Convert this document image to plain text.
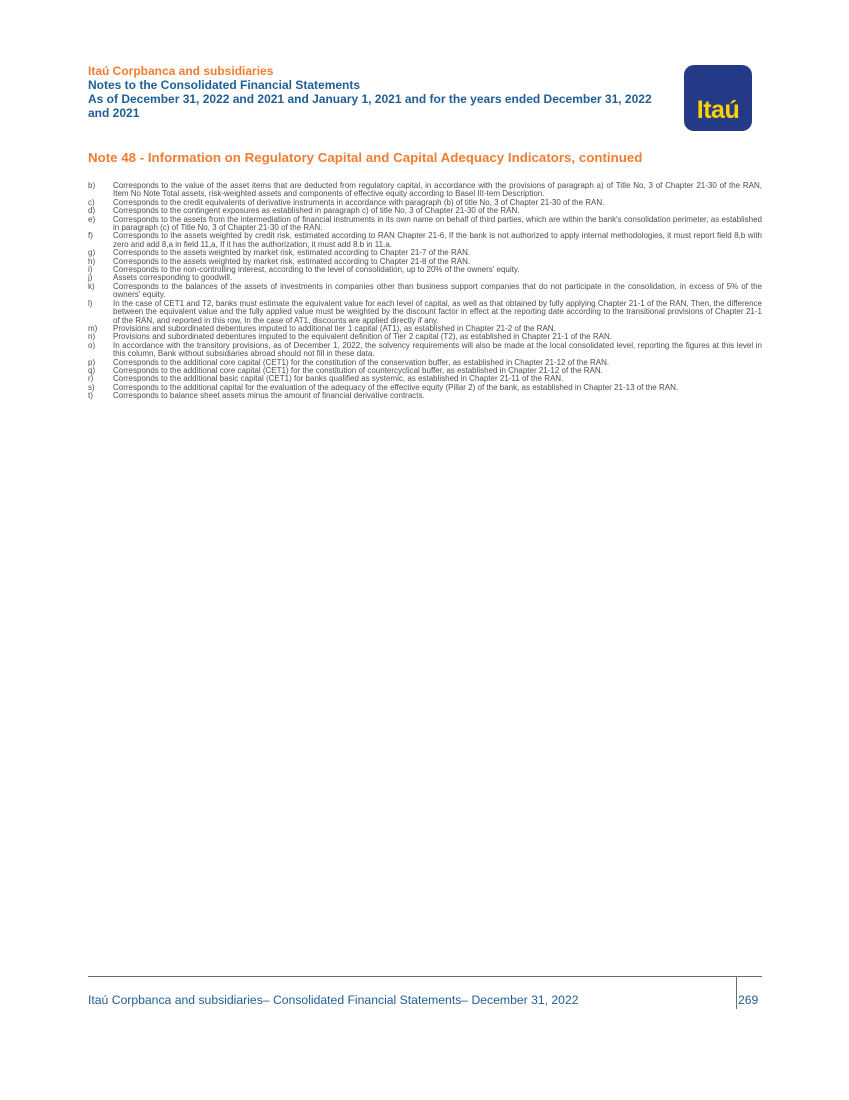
Itaú Corpbanca and subsidiaries
Notes to the Consolidated Financial Statements
As of December 31, 2022 and 2021 and January 1, 2021 and for the years ended December 31, 2022
and 2021	Itaú
Note 48 - Information on Regulatory Capital and Capital Adequacy Indicators, continued
b)	Corresponds to the value of the asset items that are deducted from regulatory capital, in accordance with the provisions of paragraph a) of Title No, 3 of Chapter 21-30 of the RAN, Item No Note Total assets, risk-weighted assets and components of effective equity according to Basel III-tem Description.
c)	Corresponds to the credit equivalents of derivative instruments in accordance with paragraph (b) of title No, 3 of Chapter 21-30 of the RAN.
d)	Corresponds to the contingent exposures as established in paragraph c) of title No, 3 of Chapter 21-30 of the RAN.
e)	Corresponds to the assets from the intermediation of financial instruments in its own name on behalf of third parties, which are within the bank's consolidation perimeter, as established in paragraph (c) of Title No, 3 of Chapter 21-30 of the RAN.
f)	Corresponds to the assets weighted by credit risk, estimated according to RAN Chapter 21-6, If the bank is not authorized to apply internal methodologies, it must report field 8,b with zero and add 8,a in field 11,a, If it has the authorization, it must add 8.b in 11.a.
g)	Corresponds to the assets weighted by market risk, estimated according to Chapter 21-7 of the RAN.
h)	Corresponds to the assets weighted by market risk, estimated according to Chapter 21-8 of the RAN.
i)	Corresponds to the non-controlling interest, according to the level of consolidation, up to 20% of the owners' equity.
j)	Assets corresponding to goodwill.
k)	Corresponds to the balances of the assets of investments in companies other than business support companies that do not participate in the consolidation, in excess of 5% of the owners' equity.
l)	In the case of CET1 and T2, banks must estimate the equivalent value for each level of capital, as well as that obtained by fully applying Chapter 21-1 of the RAN, Then, the difference between the equivalent value and the fully applied value must be weighted by the discount factor in effect at the reporting date according to the transitional provisions of Chapter 21-1 of the RAN, and reported in this row, In the case of AT1, discounts are applied directly if any.
m)	Provisions and subordinated debentures imputed to additional tier 1 capital (AT1), as established in Chapter 21-2 of the RAN.
n)	Provisions and subordinated debentures imputed to the equivalent definition of Tier 2 capital (T2), as established in Chapter 21-1 of the RAN.
o)	In accordance with the transitory provisions, as of December 1, 2022, the solvency requirements will also be made at the local consolidated level, reporting the figures at this level in this column, Bank without subsidiaries abroad should not fill in these data.
p)	Corresponds to the additional core capital (CET1) for the constitution of the conservation buffer, as established in Chapter 21-12 of the RAN.
q)	Corresponds to the additional core capital (CET1) for the constitution of countercyclical buffer, as established in Chapter 21-12 of the RAN.
r)	Corresponds to the additional basic capital (CET1) for banks qualified as systemic, as established in Chapter 21-11 of the RAN.
s)	Corresponds to the additional capital for the evaluation of the adequacy of the effective equity (Pillar 2) of the bank, as established in Chapter 21-13 of the RAN.
t)	Corresponds to balance sheet assets minus the amount of financial derivative contracts.
Itaú Corpbanca and subsidiaries– Consolidated Financial Statements– December 31, 2022	269
